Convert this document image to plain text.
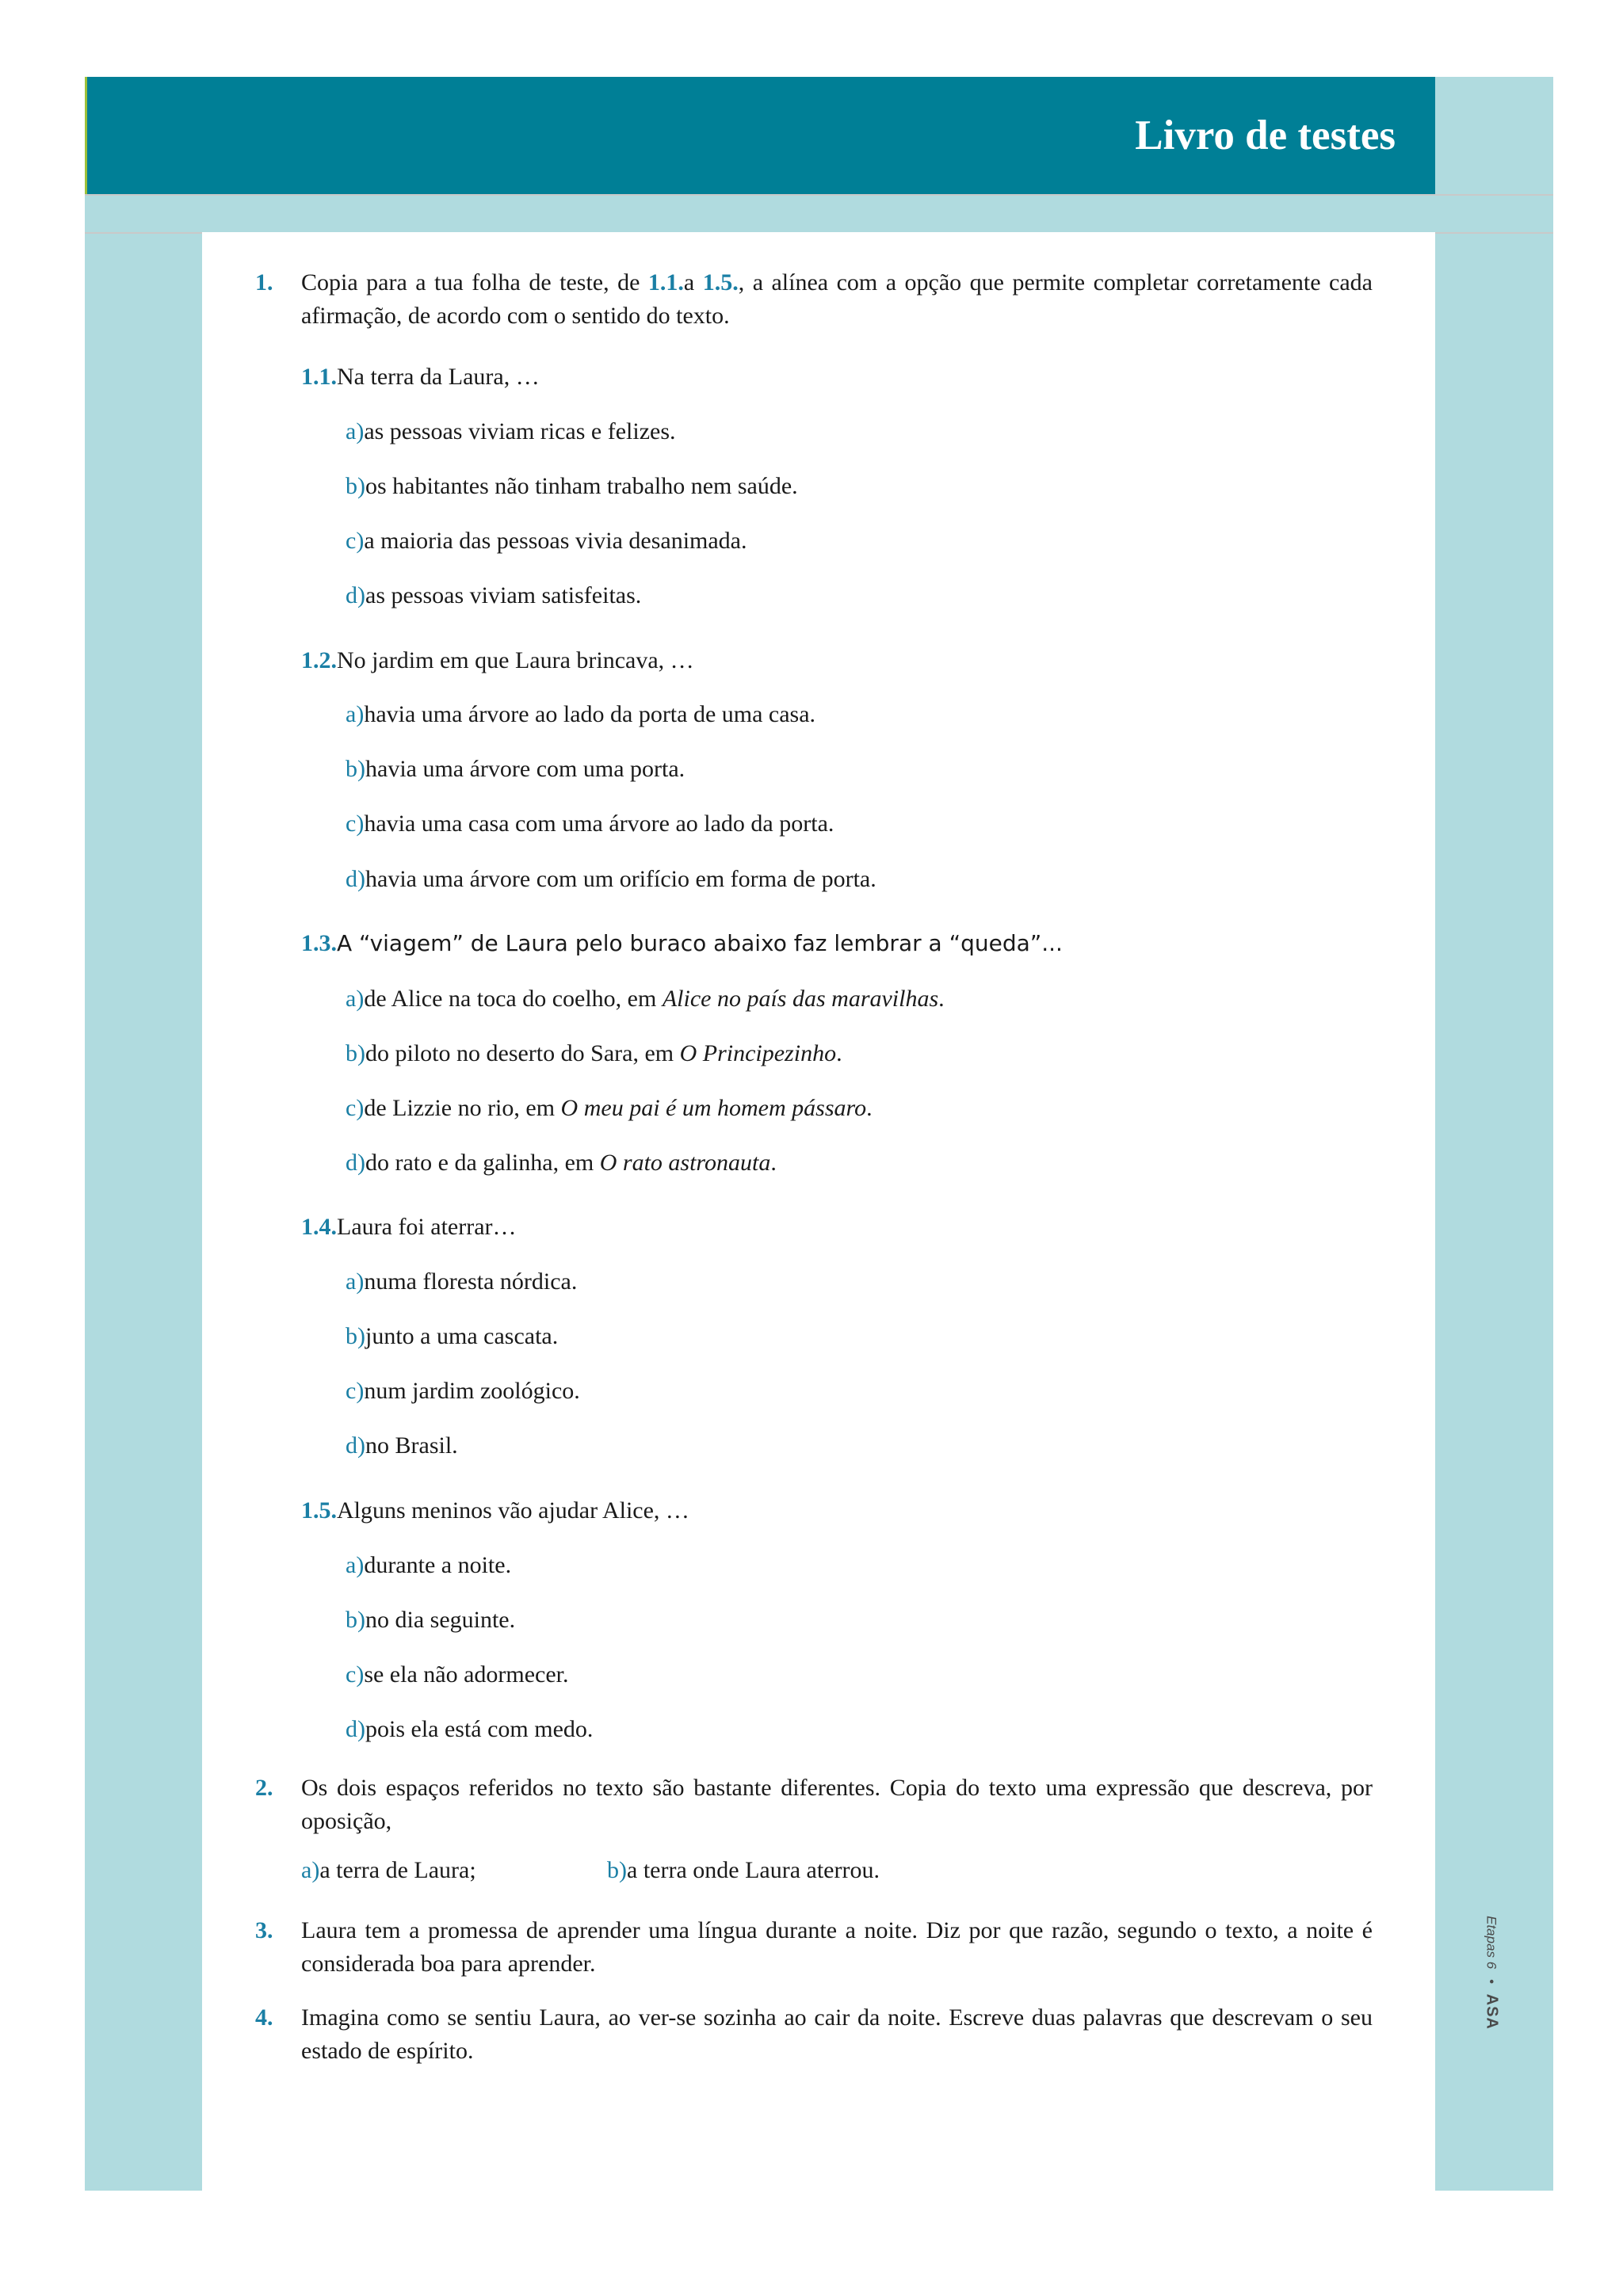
Livro de testes
Etapas 6 • ASA
1. Copia para a tua folha de teste, de 1.1.a 1.5., a alínea com a opção que permite completar corretamente cada afirmação, de acordo com o sentido do texto.
1.1.Na terra da Laura, …
a)as pessoas viviam ricas e felizes.
b)os habitantes não tinham trabalho nem saúde.
c)a maioria das pessoas vivia desanimada.
d)as pessoas viviam satisfeitas.
1.2.No jardim em que Laura brincava, …
a)havia uma árvore ao lado da porta de uma casa.
b)havia uma árvore com uma porta.
c)havia uma casa com uma árvore ao lado da porta.
d)havia uma árvore com um orifício em forma de porta.
1.3.A “viagem” de Laura pelo buraco abaixo faz lembrar a “queda”...
a)de Alice na toca do coelho, em Alice no país das maravilhas.
b)do piloto no deserto do Sara, em O Principezinho.
c)de Lizzie no rio, em O meu pai é um homem pássaro.
d)do rato e da galinha, em O rato astronauta.
1.4.Laura foi aterrar…
a)numa floresta nórdica.
b)junto a uma cascata.
c)num jardim zoológico.
d)no Brasil.
1.5.Alguns meninos vão ajudar Alice, …
a)durante a noite.
b)no dia seguinte.
c)se ela não adormecer.
d)pois ela está com medo.
2. Os dois espaços referidos no texto são bastante diferentes. Copia do texto uma expressão que descreva, por oposição,
a)a terra de Laura;	b)a terra onde Laura aterrou.
3. Laura tem a promessa de aprender uma língua durante a noite. Diz por que razão, segundo o texto, a noite é considerada boa para aprender.
4. Imagina como se sentiu Laura, ao ver-se sozinha ao cair da noite. Escreve duas palavras que descrevam o seu estado de espírito.
